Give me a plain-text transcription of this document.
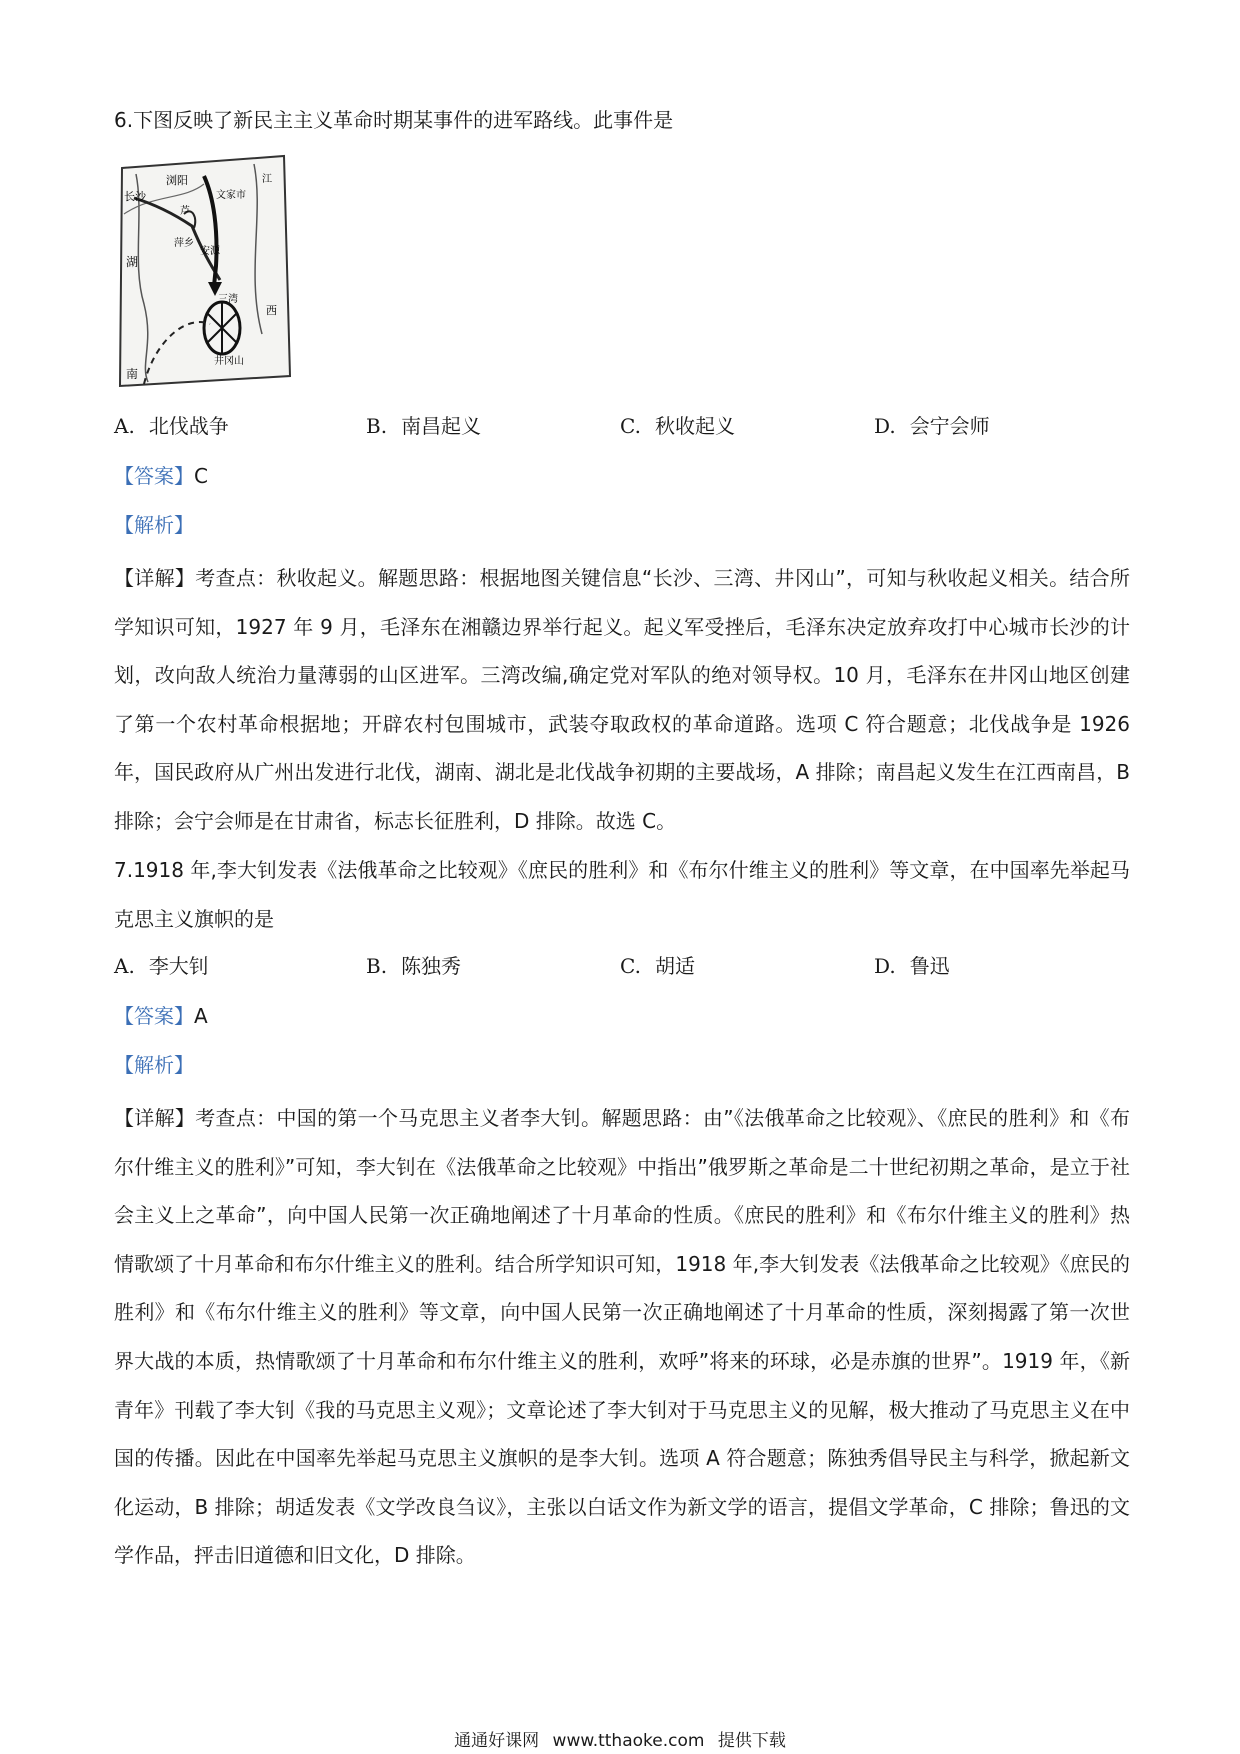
6.下图反映了新民主主义革命时期某事件的进军路线。此事件是
浏阳
长沙	文家市
芦
萍乡
安源
三湾
井冈山
湖
南
江
西
A. 北伐战争	B. 南昌起义	C. 秋收起义	D. 会宁会师
【答案】C
【解析】
【详解】考查点：秋收起义。解题思路：根据地图关键信息“长沙、三湾、井冈山”，可知与秋收起义相关。结合所学知识可知，1927 年 9 月，毛泽东在湘赣边界举行起义。起义军受挫后，毛泽东决定放弃攻打中心城市长沙的计划，改向敌人统治力量薄弱的山区进军。三湾改编,确定党对军队的绝对领导权。10 月，毛泽东在井冈山地区创建了第一个农村革命根据地；开辟农村包围城市，武装夺取政权的革命道路。选项 C 符合题意；北伐战争是 1926 年，国民政府从广州出发进行北伐，湖南、湖北是北伐战争初期的主要战场，A 排除；南昌起义发生在江西南昌，B 排除；会宁会师是在甘肃省，标志长征胜利，D 排除。故选 C。
7.1918 年,李大钊发表《法俄革命之比较观》《庶民的胜利》和《布尔什维主义的胜利》等文章，在中国率先举起马克思主义旗帜的是
A. 李大钊	B. 陈独秀	C. 胡适	D. 鲁迅
【答案】A
【解析】
【详解】考查点：中国的第一个马克思主义者李大钊。解题思路：由”《法俄革命之比较观》、《庶民的胜利》和《布尔什维主义的胜利》”可知，李大钊在《法俄革命之比较观》中指出”俄罗斯之革命是二十世纪初期之革命，是立于社会主义上之革命”，向中国人民第一次正确地阐述了十月革命的性质。《庶民的胜利》和《布尔什维主义的胜利》热情歌颂了十月革命和布尔什维主义的胜利。结合所学知识可知，1918 年,李大钊发表《法俄革命之比较观》《庶民的胜利》和《布尔什维主义的胜利》等文章，向中国人民第一次正确地阐述了十月革命的性质，深刻揭露了第一次世界大战的本质，热情歌颂了十月革命和布尔什维主义的胜利，欢呼”将来的环球，必是赤旗的世界”。1919 年，《新青年》刊载了李大钊《我的马克思主义观》；文章论述了李大钊对于马克思主义的见解，极大推动了马克思主义在中国的传播。因此在中国率先举起马克思主义旗帜的是李大钊。选项 A 符合题意；陈独秀倡导民主与科学，掀起新文化运动，B 排除；胡适发表《文学改良刍议》，主张以白话文作为新文学的语言，提倡文学革命，C 排除；鲁迅的文学作品，抨击旧道德和旧文化，D 排除。
通通好课网 www.tthaoke.com 提供下载
